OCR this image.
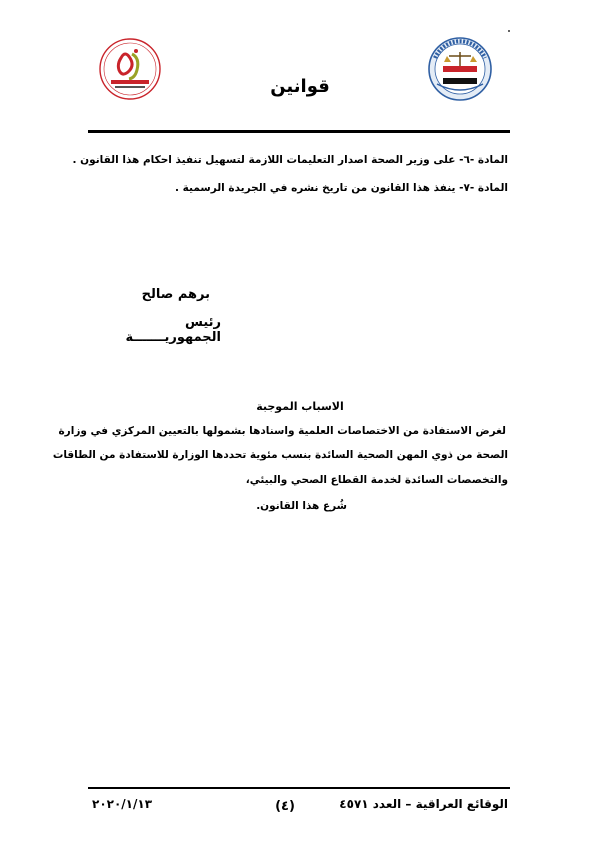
قوانين
المادة -٦- على وزير الصحة اصدار التعليمات اللازمة لتسهيل تنفيذ احكام هذا القانون .
المادة -٧- ينفذ هذا القانون من تاريخ نشره في الجريدة الرسمية .
برهم صالح
رئيس الجمهوريـــــــة
الاسباب الموجبة
لغرض الاستفادة من الاختصاصات العلمية واسنادها بشمولها بالتعيين المركزي في وزارة
الصحة من ذوي المهن الصحية السائدة بنسب مئوية تحددها الوزارة للاستفادة من الطاقات
والتخصصات السائدة لخدمة القطاع الصحي والبيئي،
شُرع هذا القانون.
٢٠٢٠/١/١٣	(٤)	الوقائع العراقية – العدد ٤٥٧١
